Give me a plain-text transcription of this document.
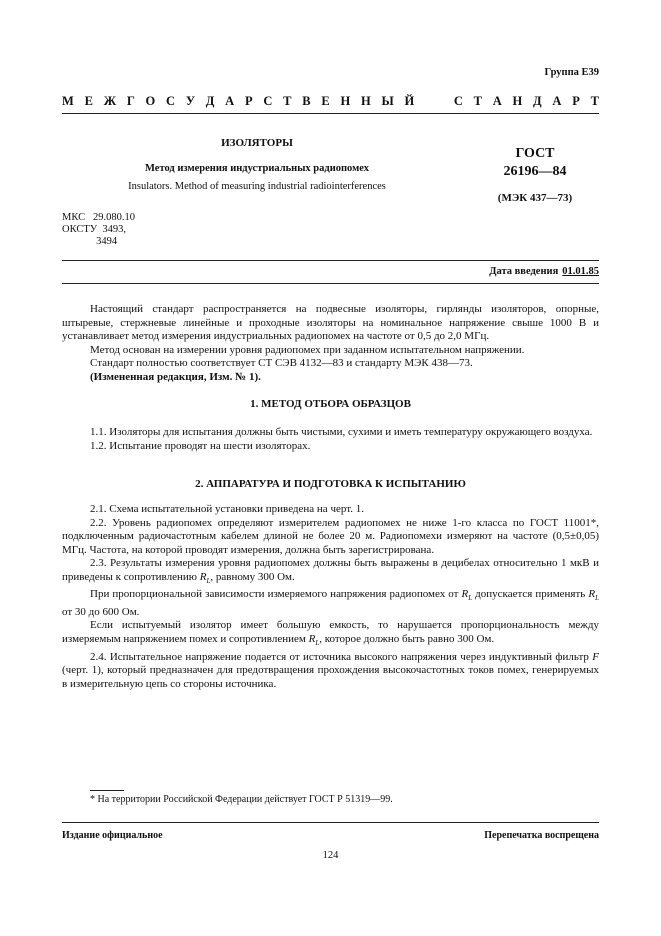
Группа Е39
М Е Ж Г О С У Д А Р С Т В Е Н Н Ы Й	С Т А Н Д А Р Т
ИЗОЛЯТОРЫ
Метод измерения индустриальных радиопомех
Insulators. Method of measuring industrial radiointerferences
ГОСТ
26196—84
(МЭК 437—73)
МКС   29.080.10
ОКСТУ  3493,
3494
Дата введения 01.01.85

Настоящий стандарт распространяется на подвесные изоляторы, гирлянды изоляторов, опорные, штыревые, стержневые линейные и проходные изоляторы на номинальное напряжение свыше 1000 В и устанавливает метод измерения индустриальных радиопомех на частоте от 0,5 до 2,0 МГц.

Метод основан на измерении уровня радиопомех при заданном испытательном напряжении.

Стандарт полностью соответствует СТ СЭВ 4132—83 и стандарту МЭК 438—73.

(Измененная редакция, Изм. № 1).

1. МЕТОД ОТБОРА ОБРАЗЦОВ

1.1. Изоляторы для испытания должны быть чистыми, сухими и иметь температуру окружающего воздуха.

1.2. Испытание проводят на шести изоляторах.

2. АППАРАТУРА И ПОДГОТОВКА К ИСПЫТАНИЮ

2.1. Схема испытательной установки приведена на черт. 1.

2.2. Уровень радиопомех определяют измерителем радиопомех не ниже 1-го класса по ГОСТ 11001*, подключенным радиочастотным кабелем длиной не более 20 м. Радиопомехи измеряют на частоте (0,5±0,05) МГц. Частота, на которой проводят измерения, должна быть зарегистрирована.

2.3. Результаты измерения уровня радиопомех должны быть выражены в децибелах относительно 1 мкВ и приведены к сопротивлению $R_L$, равному 300 Ом.

При пропорциональной зависимости измеряемого напряжения радиопомех от $R_L$ допускается применять $R_L$ от 30 до 600 Ом.

Если испытуемый изолятор имеет большую емкость, то нарушается пропорциональность между измеряемым напряжением помех и сопротивлением $R_L$, которое должно быть равно 300 Ом.

2.4. Испытательное напряжение подается от источника высокого напряжения через индуктивный фильтр F (черт. 1), который предназначен для предотвращения прохождения высокочастотных токов помех, генерируемых в измерительную цепь со стороны источника.

* На территории Российской Федерации действует ГОСТ Р 51319—99.
Издание официальное	Перепечатка воспрещена
124
